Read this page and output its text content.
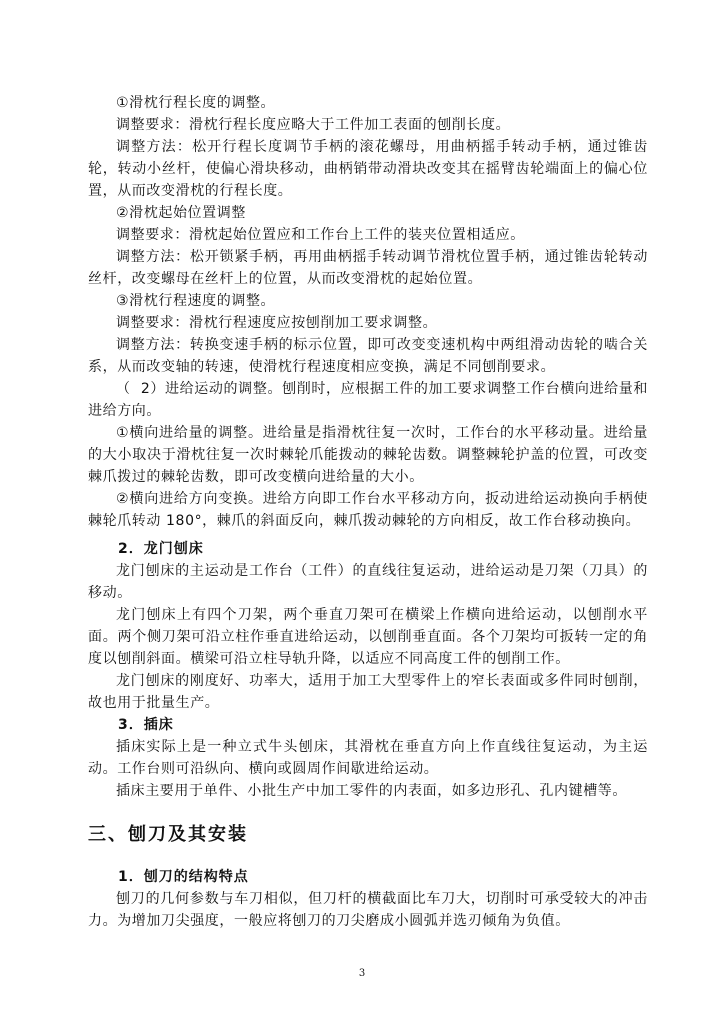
①滑枕行程长度的调整。

调整要求：滑枕行程长度应略大于工件加工表面的刨削长度。

调整方法：松开行程长度调节手柄的滚花螺母，用曲柄摇手转动手柄，通过锥齿轮，转动小丝杆，使偏心滑块移动，曲柄销带动滑块改变其在摇臂齿轮端面上的偏心位置，从而改变滑枕的行程长度。

②滑枕起始位置调整

调整要求：滑枕起始位置应和工作台上工件的装夹位置相适应。

调整方法：松开锁紧手柄，再用曲柄摇手转动调节滑枕位置手柄，通过锥齿轮转动丝杆，改变螺母在丝杆上的位置，从而改变滑枕的起始位置。

③滑枕行程速度的调整。

调整要求：滑枕行程速度应按刨削加工要求调整。

调整方法：转换变速手柄的标示位置，即可改变变速机构中两组滑动齿轮的啮合关系，从而改变轴的转速，使滑枕行程速度相应变换，满足不同刨削要求。

（  2）进给运动的调整。刨削时，应根据工件的加工要求调整工作台横向进给量和进给方向。

①横向进给量的调整。进给量是指滑枕往复一次时，工作台的水平移动量。进给量的大小取决于滑枕往复一次时棘轮爪能拨动的棘轮齿数。调整棘轮护盖的位置，可改变棘爪拨过的棘轮齿数，即可改变横向进给量的大小。

②横向进给方向变换。进给方向即工作台水平移动方向，扳动进给运动换向手柄使棘轮爪转动 180°，棘爪的斜面反向，棘爪拨动棘轮的方向相反，故工作台移动换向。

2．龙门刨床

龙门刨床的主运动是工作台（工件）的直线往复运动，进给运动是刀架（刀具）的移动。

龙门刨床上有四个刀架，两个垂直刀架可在横梁上作横向进给运动，以刨削水平面。两个侧刀架可沿立柱作垂直进给运动，以刨削垂直面。各个刀架均可扳转一定的角度以刨削斜面。横梁可沿立柱导轨升降，以适应不同高度工件的刨削工作。

龙门刨床的刚度好、功率大，适用于加工大型零件上的窄长表面或多件同时刨削，故也用于批量生产。

3．插床

插床实际上是一种立式牛头刨床，其滑枕在垂直方向上作直线往复运动，为主运动。工作台则可沿纵向、横向或圆周作间歇进给运动。

插床主要用于单件、小批生产中加工零件的内表面，如多边形孔、孔内键槽等。

三、刨刀及其安装

1．刨刀的结构特点

刨刀的几何参数与车刀相似，但刀杆的横截面比车刀大，切削时可承受较大的冲击力。为增加刀尖强度，一般应将刨刀的刀尖磨成小圆弧并选刃倾角为负值。

3
